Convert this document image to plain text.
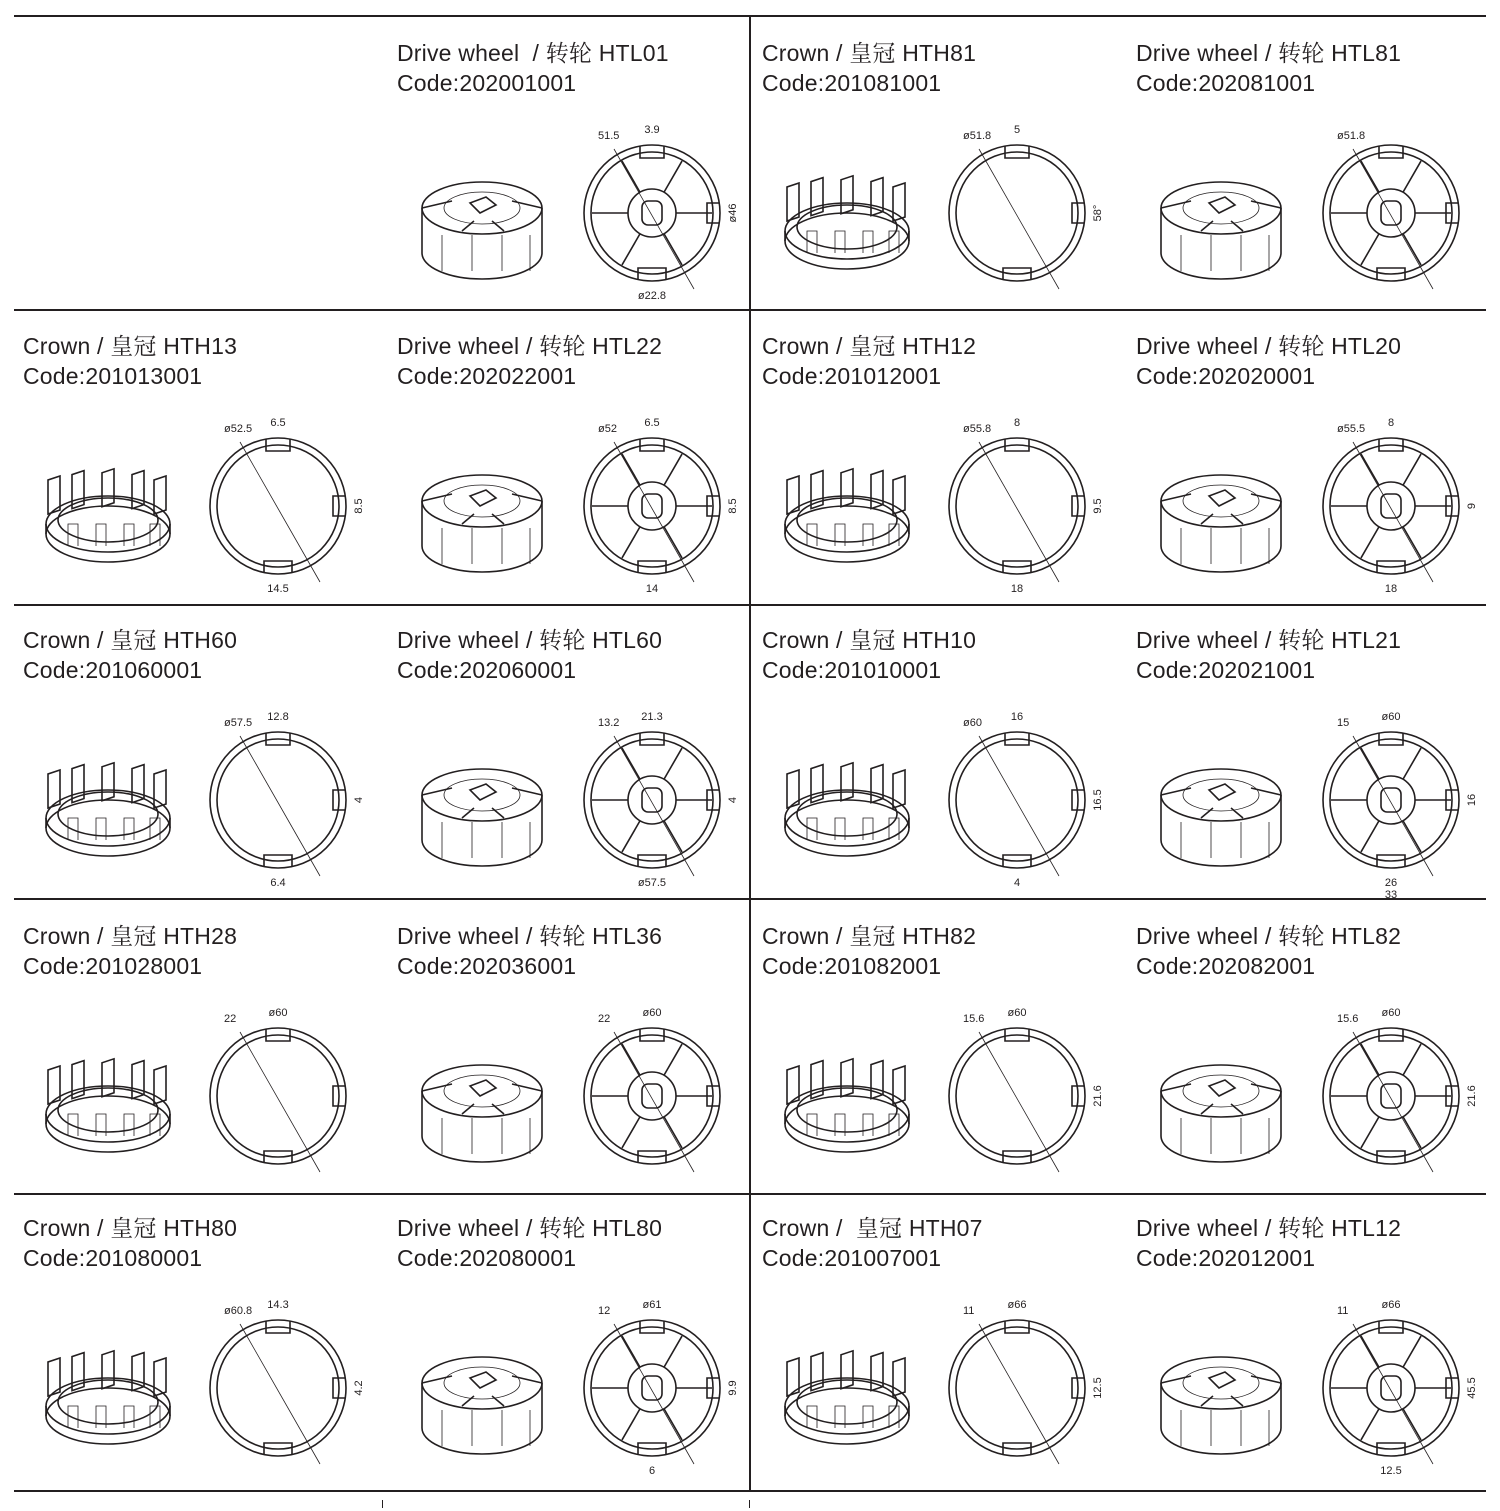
Drive wheel  / 转轮 HTL01
Code:202001001
51.5 3.9
ø46
ø22.8
Crown / 皇冠 HTH81
Code:201081001
ø51.8 5
58°
Drive wheel / 转轮 HTL81
Code:202081001
ø51.8
Crown / 皇冠 HTH13
Code:201013001
ø52.5 6.5
8.5
14.5
Drive wheel / 转轮 HTL22
Code:202022001
ø52 6.5
8.5
14
Crown / 皇冠 HTH12
Code:201012001
ø55.8 8
9.5
18
Drive wheel / 转轮 HTL20
Code:202020001
ø55.5 8
9
18
Crown / 皇冠 HTH60
Code:201060001
ø57.5 12.8
4
6.4
Drive wheel / 转轮 HTL60
Code:202060001
13.2 21.3
4
ø57.5
Crown / 皇冠 HTH10
Code:201010001
ø60	16
16.5
4
Drive wheel / 转轮 HTL21
Code:202021001
15	ø60
16
26
33
Crown / 皇冠 HTH28
Code:201028001
22	ø60
Drive wheel / 转轮 HTL36
Code:202036001
22	ø60
Crown / 皇冠 HTH82
Code:201082001
15.6 ø60
21.6
Drive wheel / 转轮 HTL82
Code:202082001
15.6 ø60
21.6
Crown / 皇冠 HTH80
Code:201080001
ø60.8 14.3
4.2
Drive wheel / 转轮 HTL80
Code:202080001
12	ø61
9.9
6
Crown /  皇冠 HTH07
Code:201007001
11	ø66
12.5
Drive wheel / 转轮 HTL12
Code:202012001
11	ø66
45.5
12.5
